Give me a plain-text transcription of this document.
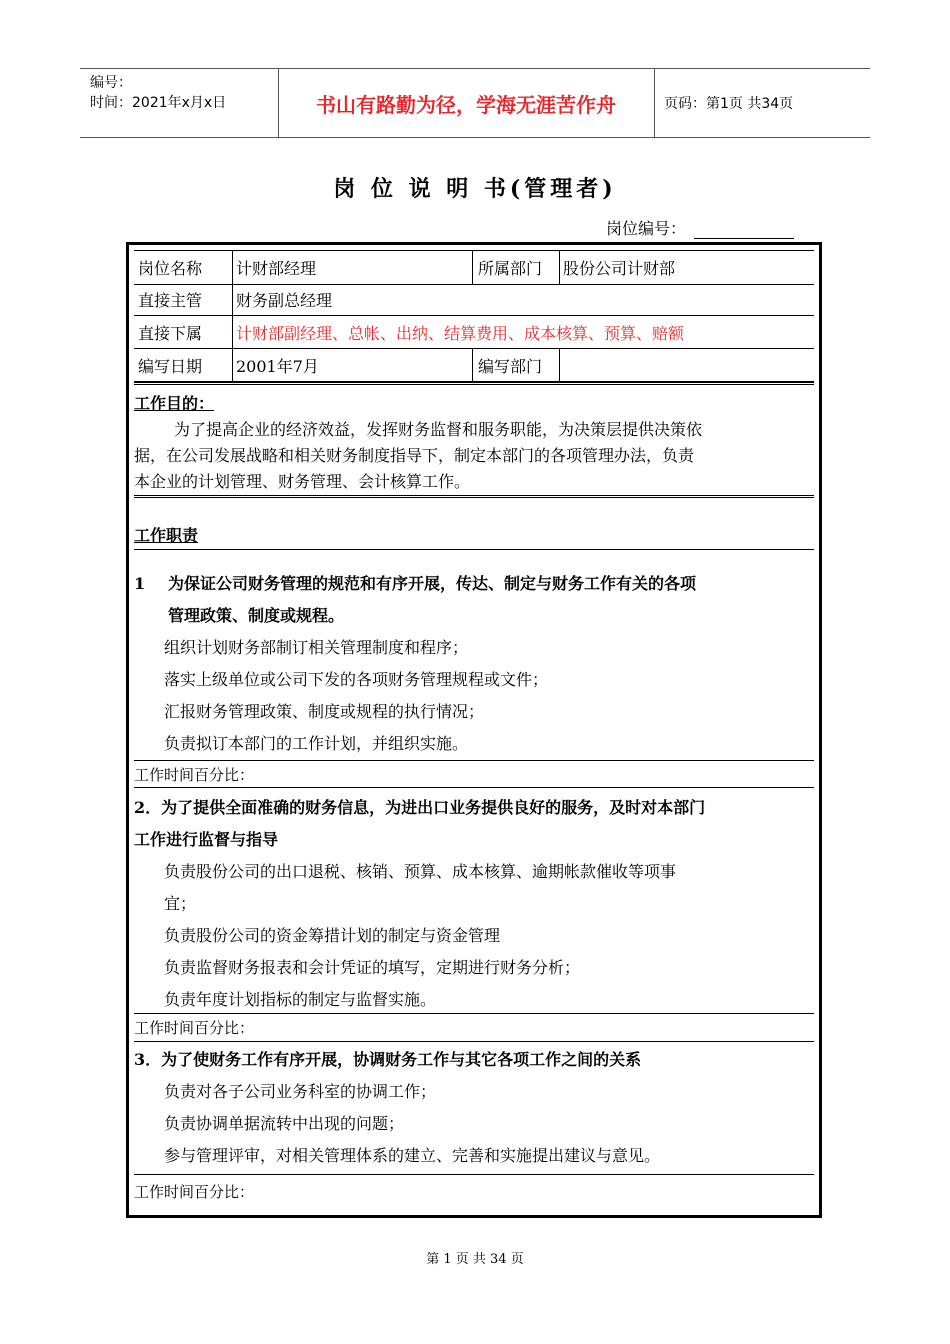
编号：
时间：2021年x月x日	书山有路勤为径，学海无涯苦作舟	页码：第1页 共34页
岗 位 说 明 书(管理者)
岗位编号：
岗位名称	计财部经理	所属部门	股份公司计财部
直接主管	财务副总经理
直接下属	计财部副经理、总帐、出纳、结算费用、成本核算、预算、赔额
编写日期	2001年7月	编写部门
工作目的：
为了提高企业的经济效益，发挥财务监督和服务职能，为决策层提供决策依
据，在公司发展战略和相关财务制度指导下，制定本部门的各项管理办法，负责
本企业的计划管理、财务管理、会计核算工作。
工作职责
1 为保证公司财务管理的规范和有序开展，传达、制定与财务工作有关的各项
管理政策、制度或规程。
组织计划财务部制订相关管理制度和程序；
落实上级单位或公司下发的各项财务管理规程或文件；
汇报财务管理政策、制度或规程的执行情况；
负责拟订本部门的工作计划，并组织实施。
工作时间百分比：
2．为了提供全面准确的财务信息，为进出口业务提供良好的服务，及时对本部门
工作进行监督与指导
负责股份公司的出口退税、核销、预算、成本核算、逾期帐款催收等项事
宜；
负责股份公司的资金筹措计划的制定与资金管理
负责监督财务报表和会计凭证的填写，定期进行财务分析；
负责年度计划指标的制定与监督实施。
工作时间百分比：
3．为了使财务工作有序开展，协调财务工作与其它各项工作之间的关系
负责对各子公司业务科室的协调工作；
负责协调单据流转中出现的问题；
参与管理评审，对相关管理体系的建立、完善和实施提出建议与意见。
工作时间百分比：
第 1 页 共 34 页
